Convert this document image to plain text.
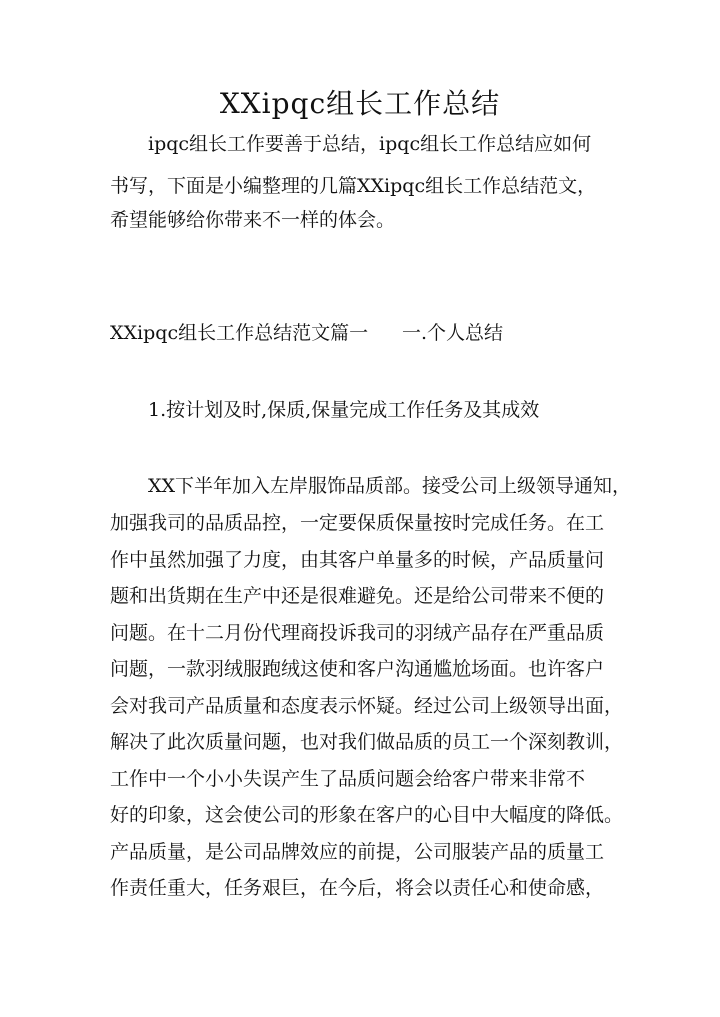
XXipqc组长工作总结
ipqc组长工作要善于总结，ipqc组长工作总结应如何
书写，下面是小编整理的几篇XXipqc组长工作总结范文，
希望能够给你带来不一样的体会。
XXipqc组长工作总结范文篇一 一.个人总结
1.按计划及时,保质,保量完成工作任务及其成效
XX下半年加入左岸服饰品质部。接受公司上级领导通知，
加强我司的品质品控，一定要保质保量按时完成任务。在工
作中虽然加强了力度，由其客户单量多的时候，产品质量问
题和出货期在生产中还是很难避免。还是给公司带来不便的
问题。在十二月份代理商投诉我司的羽绒产品存在严重品质
问题，一款羽绒服跑绒这使和客户沟通尴尬场面。也许客户
会对我司产品质量和态度表示怀疑。经过公司上级领导出面，
解决了此次质量问题，也对我们做品质的员工一个深刻教训，
工作中一个小小失误产生了品质问题会给客户带来非常不
好的印象，这会使公司的形象在客户的心目中大幅度的降低。
产品质量，是公司品牌效应的前提，公司服装产品的质量工
作责任重大，任务艰巨，在今后，将会以责任心和使命感，
